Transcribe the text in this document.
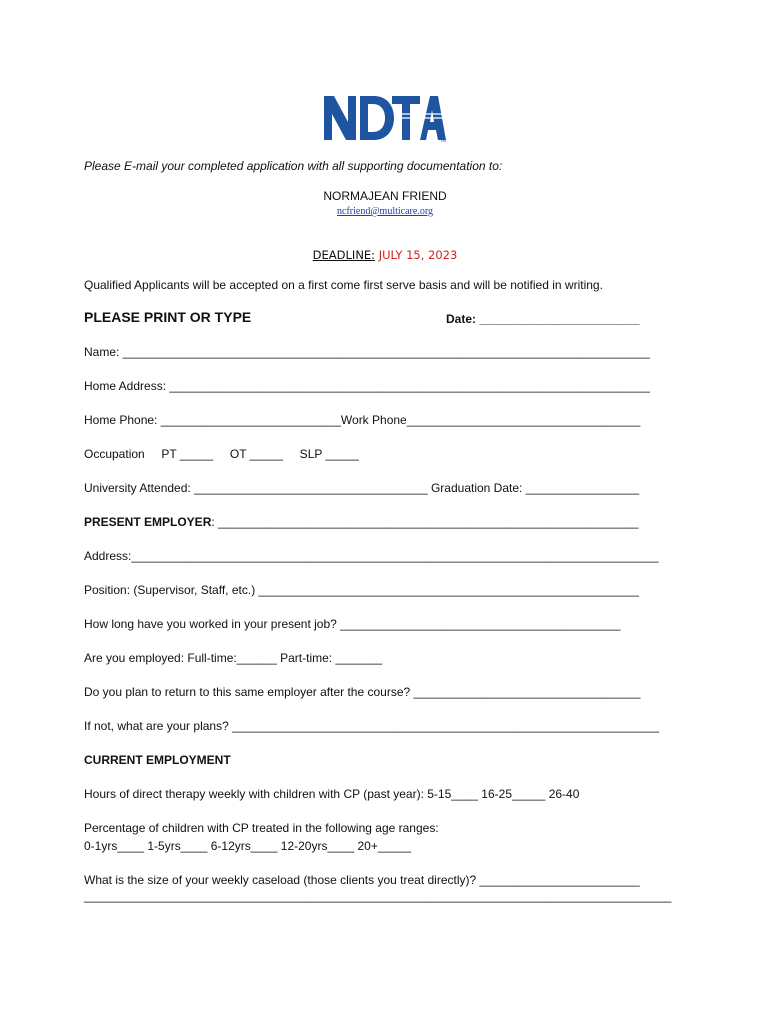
TM
Please E-mail your completed application with all supporting documentation to:
NORMAJEAN FRIEND
ncfriend@multicare.org
DEADLINE: JULY 15, 2023
Qualified Applicants will be accepted on a first come first serve basis and will be notified in writing.
PLEASE PRINT OR TYPE	Date: ________________________
Name: _______________________________________________________________________________
Home Address: ________________________________________________________________________
Home Phone: ___________________________Work Phone___________________________________
Occupation     PT _____     OT _____     SLP _____
University Attended: ___________________________________ Graduation Date: _________________
PRESENT EMPLOYER: _______________________________________________________________
Address:_______________________________________________________________________________
Position: (Supervisor, Staff, etc.) _________________________________________________________
How long have you worked in your present job? __________________________________________
Are you employed: Full-time:______ Part-time: _______
Do you plan to return to this same employer after the course? __________________________________
If not, what are your plans? ________________________________________________________________
CURRENT EMPLOYMENT
Hours of direct therapy weekly with children with CP (past year): 5-15____ 16-25_____ 26-40
Percentage of children with CP treated in the following age ranges:
0-1yrs____ 1-5yrs____ 6-12yrs____ 12-20yrs____ 20+_____
What is the size of your weekly caseload (those clients you treat directly)? ________________________
________________________________________________________________________________________
